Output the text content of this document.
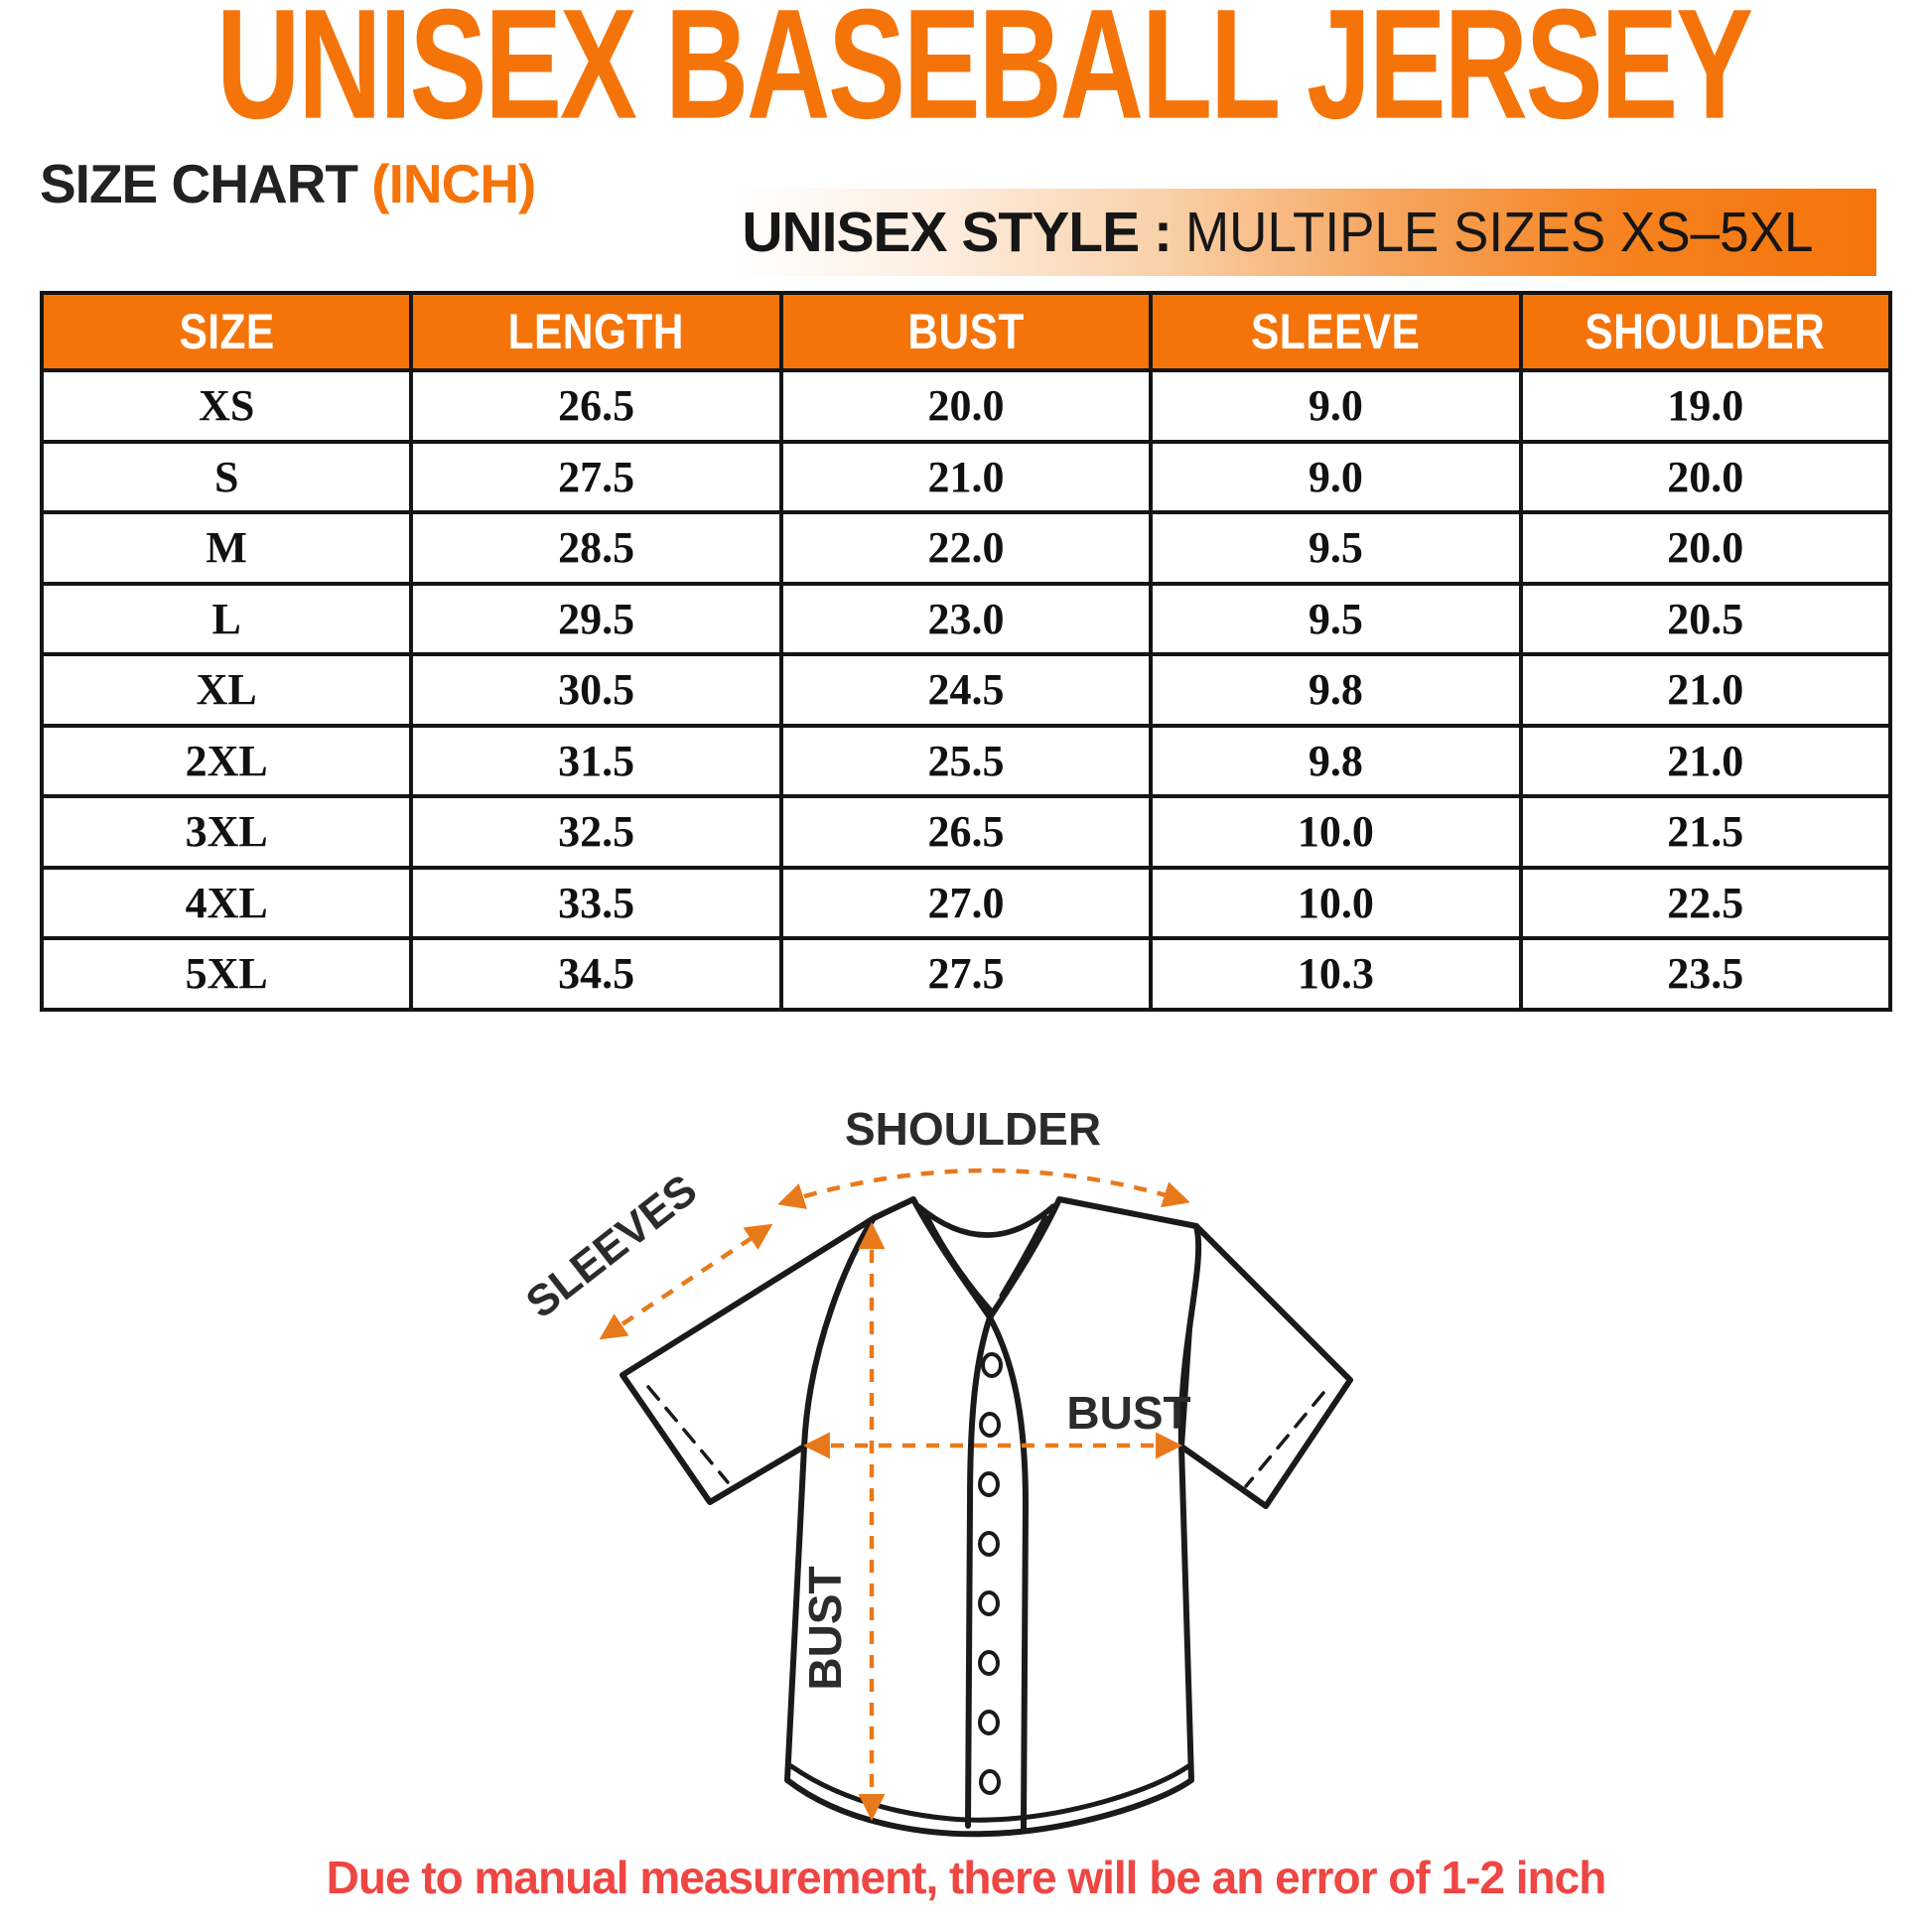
UNISEX BASEBALL JERSEY
SIZE CHART (INCH)
UNISEX STYLE : MULTIPLE SIZES XS–5XL
SIZE	LENGTH	BUST	SLEEVE	SHOULDER
XS	26.5	20.0	9.0	19.0
S	27.5	21.0	9.0	20.0
M	28.5	22.0	9.5	20.0
L	29.5	23.0	9.5	20.5
XL	30.5	24.5	9.8	21.0
2XL	31.5	25.5	9.8	21.0
3XL	32.5	26.5	10.0	21.5
4XL	33.5	27.0	10.0	22.5
5XL	34.5	27.5	10.3	23.5
SHOULDER
SLEEVES
BUST
BUST
Due to manual measurement, there will be an error of 1-2 inch
